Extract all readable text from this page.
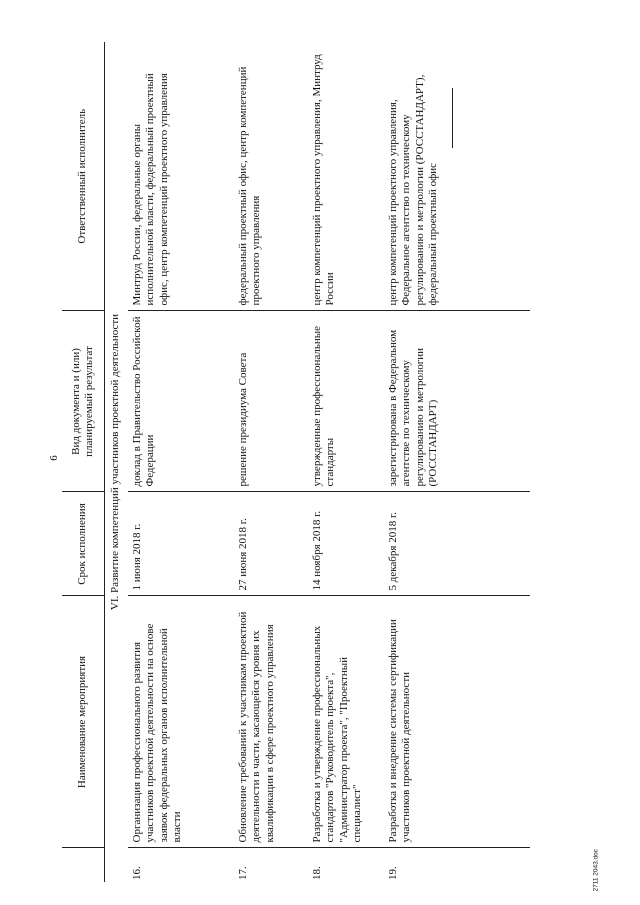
6
2711 2043.doc
	Наименование мероприятия	Срок исполнения	Вид документа и (или) планируемый результат	Ответственный исполнитель
VI. Развитие компетенций участников проектной деятельности				
16.	Организация профессионального развития участников проектной деятельности на основе заявок федеральных органов исполнительной власти	1 июня 2018 г.	доклад в Правительство Российской Федерации	Минтруд России, федеральные органы исполнительной власти, федеральный проектный офис, центр компетенций проектного управления
17.	Обновление требований к участникам проектной деятельности в части, касающейся уровня их квалификации в сфере проектного управления	27 июня 2018 г.	решение президиума Совета	федеральный проектный офис, центр компетенций проектного управления
18.	Разработка и утверждение профессиональных стандартов "Руководитель проекта", "Администратор проекта", "Проектный специалист"	14 ноября 2018 г.	утвержденные профессиональные стандарты	центр компетенций проектного управления, Минтруд России
19.	Разработка и внедрение системы сертификации участников проектной деятельности	5 декабря 2018 г.	зарегистрирована в Федеральном агентстве по техническому регулированию и метрологии (РОССТАНДАРТ)	центр компетенций проектного управления, Федеральное агентство по техническому регулированию и метрологии (РОССТАНДАРТ), федеральный проектный офис
